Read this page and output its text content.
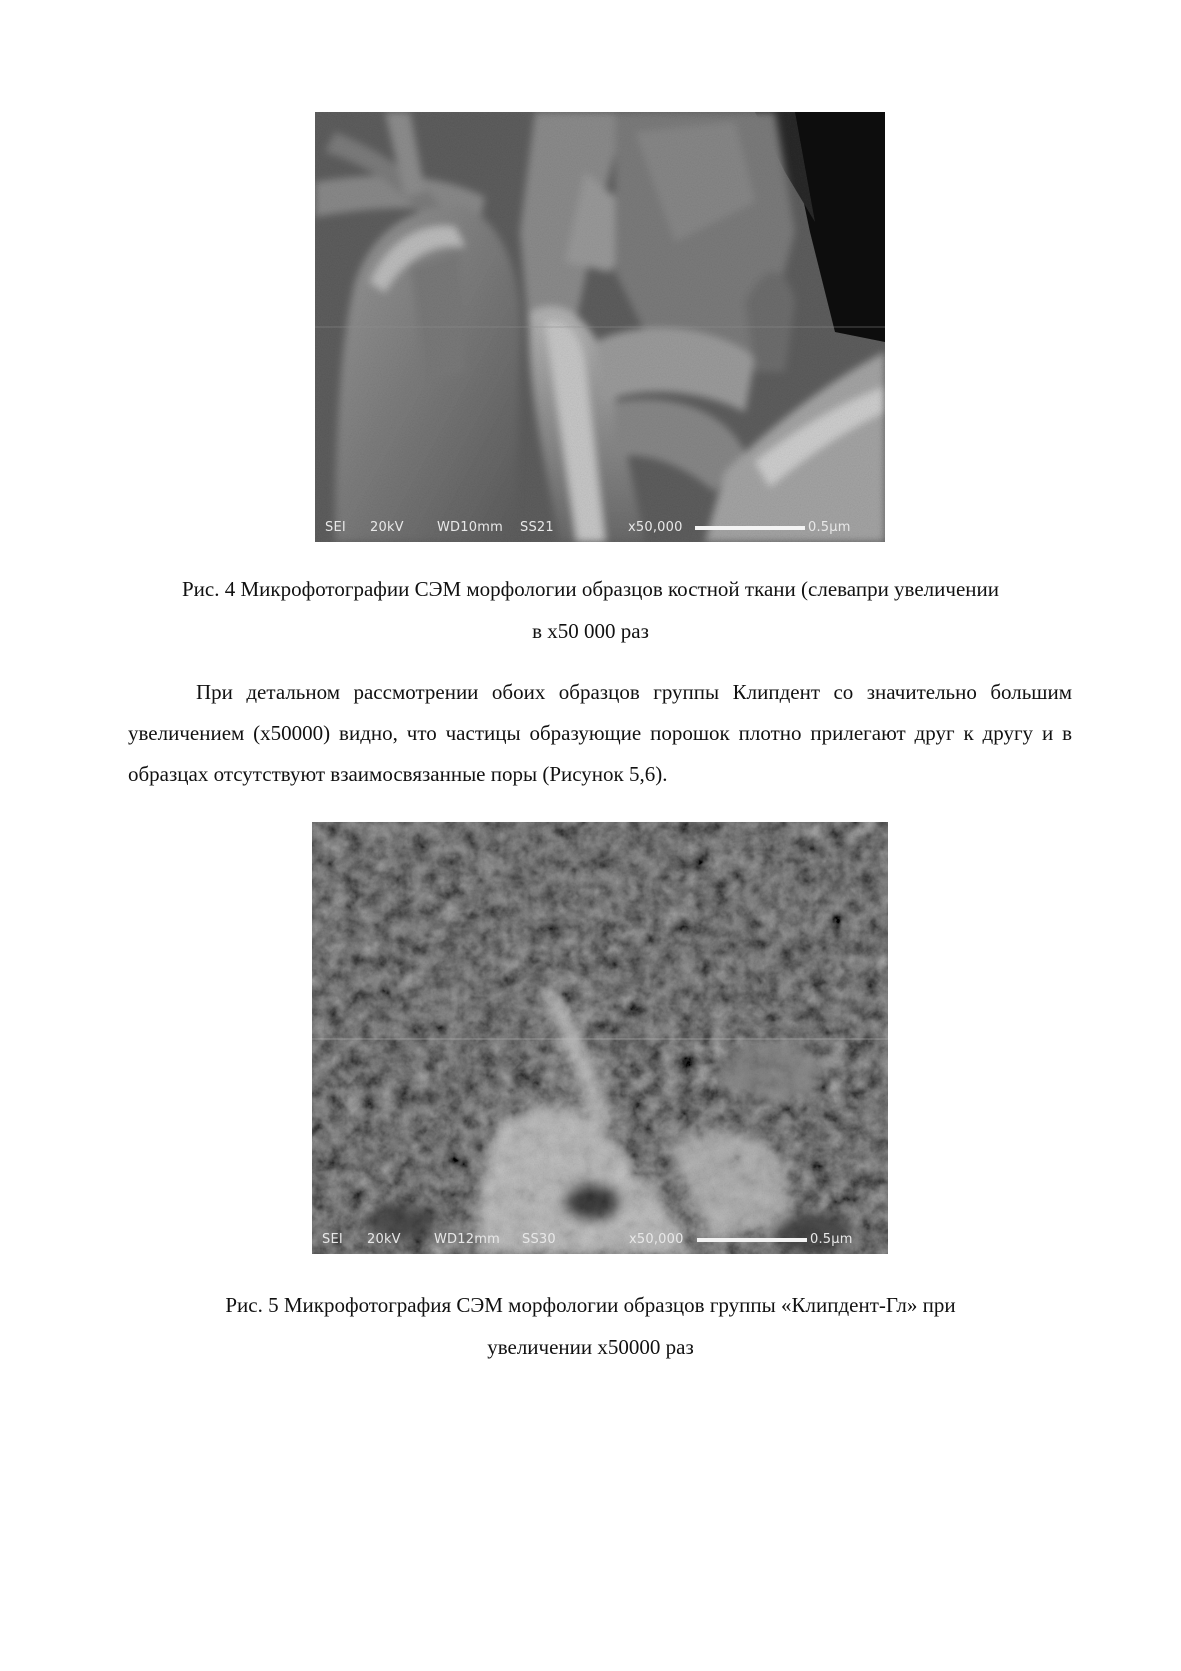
SEI 20kV	WD10mm SS21	x50,000	0.5µm
Рис. 4 Микрофотографии СЭМ морфологии образцов костной ткани (слевапри увеличении
в х50 000 раз
При детальном рассмотрении обоих образцов группы Клипдент со значительно большим увеличением (х50000) видно, что частицы образующие порошок плотно прилегают друг к другу и в образцах отсутствуют взаимосвязанные поры (Рисунок 5,6).
SEI 20kV	WD12mm SS30	x50,000	0.5µm
Рис. 5 Микрофотография СЭМ морфологии образцов группы «Клипдент-Гл» при
увеличении х50000 раз
